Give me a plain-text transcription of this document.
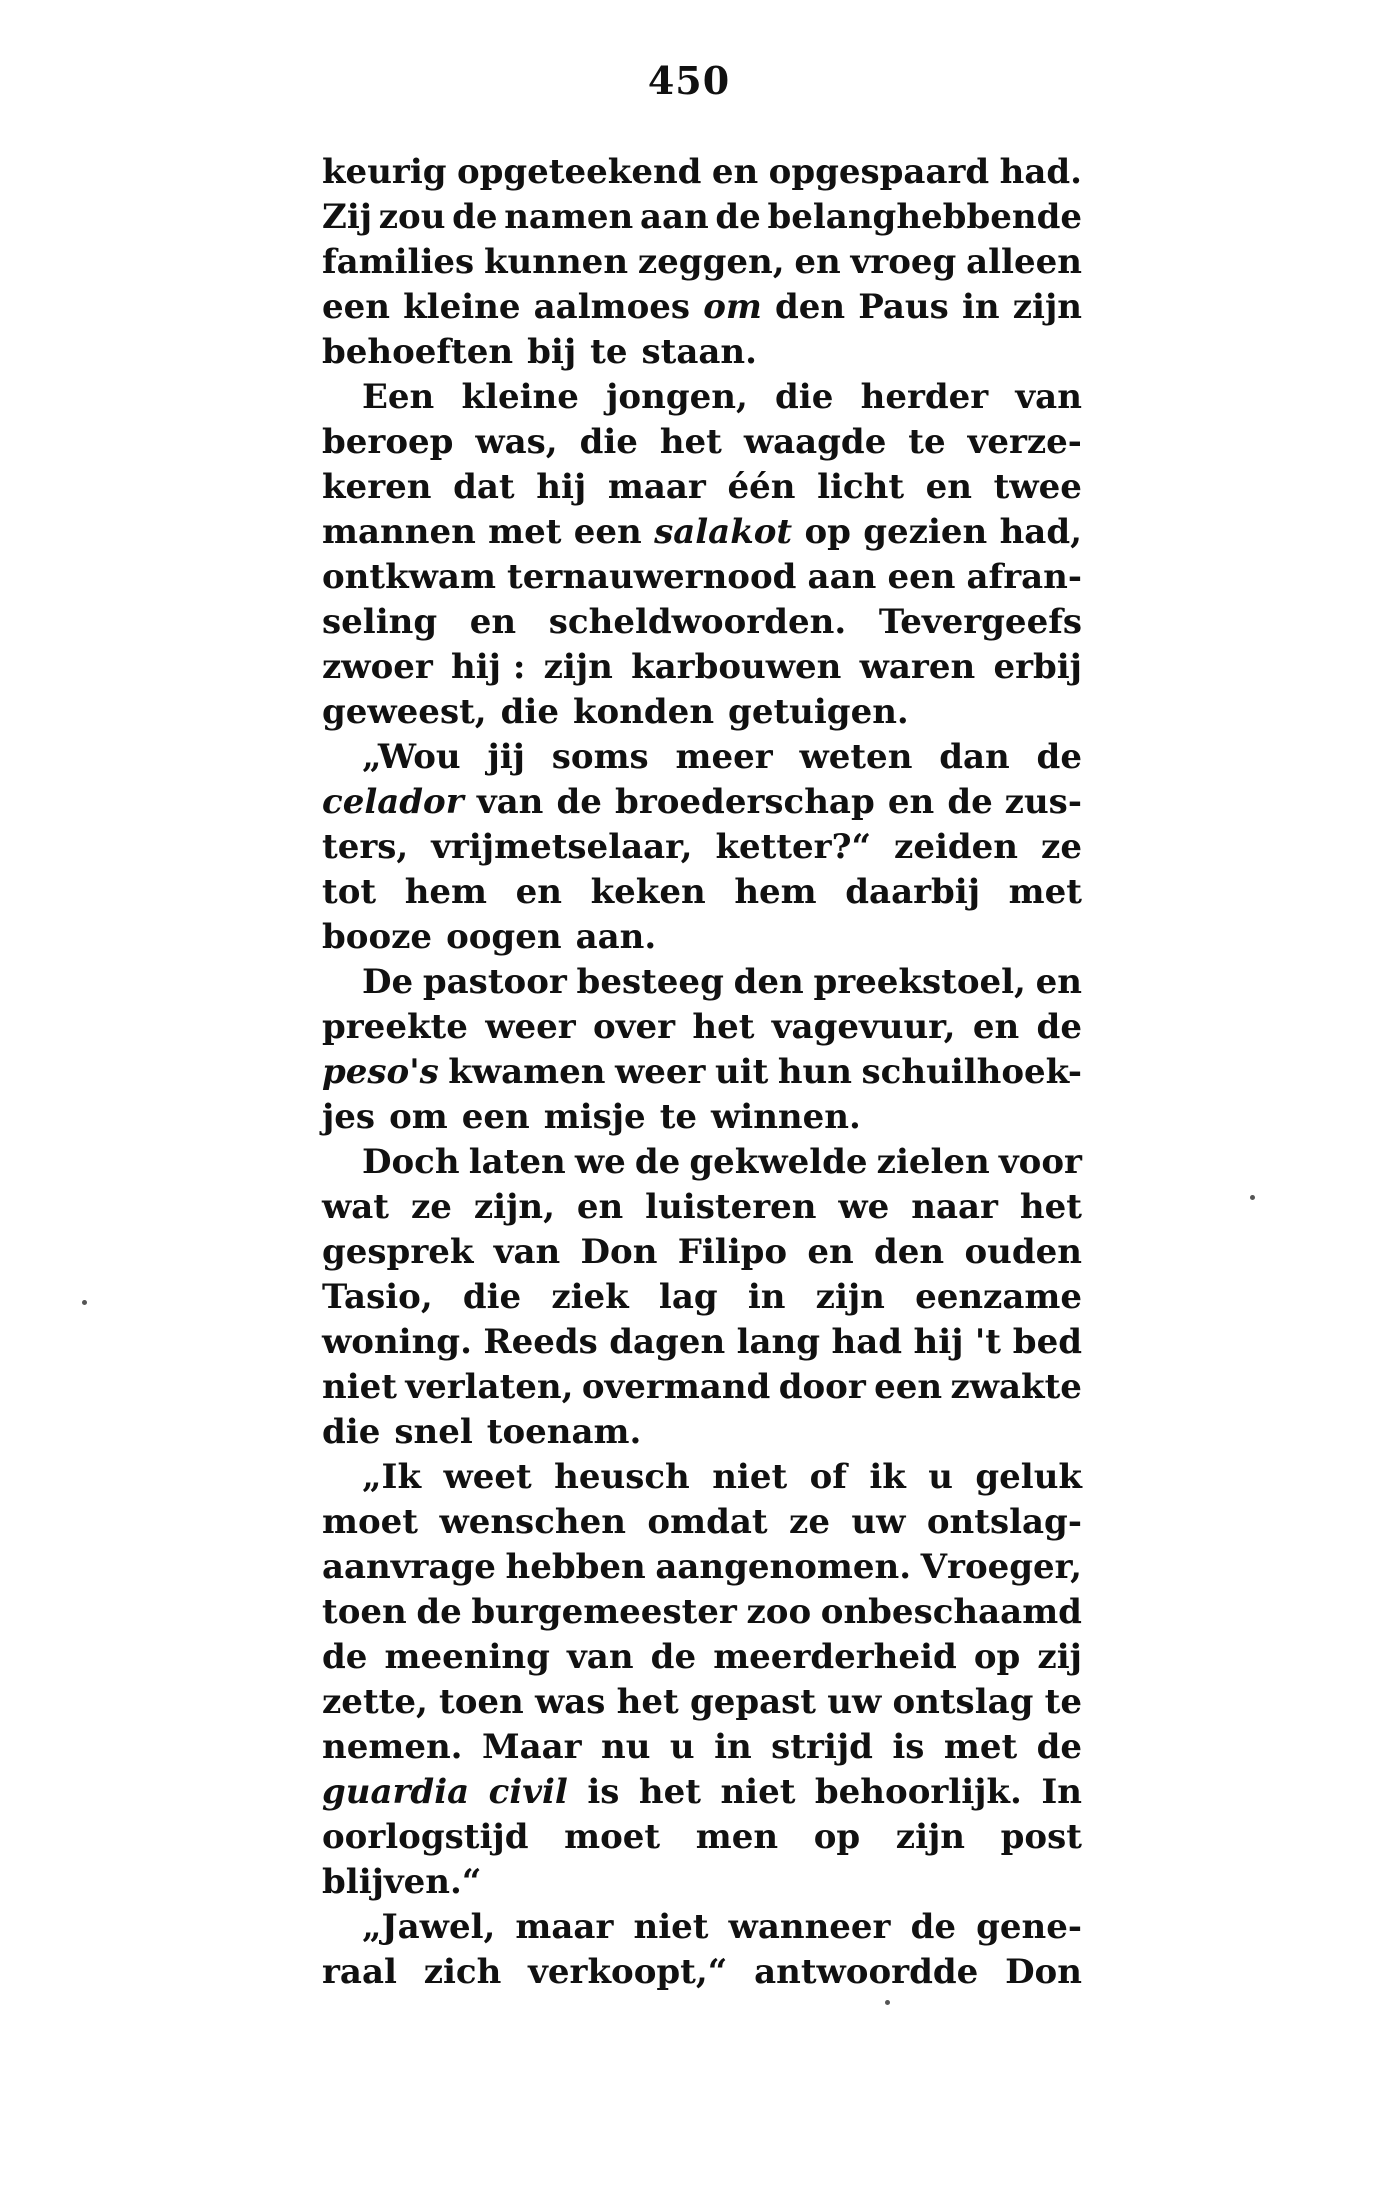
450
keurig opgeteekend en opgespaard had.
Zij zou de namen aan de belanghebbende
families kunnen zeggen, en vroeg alleen
een kleine aalmoes om den Paus in zijn
behoeften bij te staan.
Een kleine jongen, die herder van
beroep was, die het waagde te verze-
keren dat hij maar één licht en twee
mannen met een salakot op gezien had,
ontkwam ternauwernood aan een afran-
seling en scheldwoorden. Tevergeefs
zwoer hij : zijn karbouwen waren erbij
geweest, die konden getuigen.
„Wou jij soms meer weten dan de
celador van de broederschap en de zus-
ters, vrijmetselaar, ketter?“ zeiden ze
tot hem en keken hem daarbij met
booze oogen aan.
De pastoor besteeg den preekstoel, en
preekte weer over het vagevuur, en de
peso's kwamen weer uit hun schuilhoek-
jes om een misje te winnen.
Doch laten we de gekwelde zielen voor
wat ze zijn, en luisteren we naar het
gesprek van Don Filipo en den ouden
Tasio, die ziek lag in zijn eenzame
woning. Reeds dagen lang had hij 't bed
niet verlaten, overmand door een zwakte
die snel toenam.
„Ik weet heusch niet of ik u geluk
moet wenschen omdat ze uw ontslag-
aanvrage hebben aangenomen. Vroeger,
toen de burgemeester zoo onbeschaamd
de meening van de meerderheid op zij
zette, toen was het gepast uw ontslag te
nemen. Maar nu u in strijd is met de
guardia civil is het niet behoorlijk. In
oorlogstijd moet men op zijn post
blijven.“
„Jawel, maar niet wanneer de gene-
raal zich verkoopt,“ antwoordde Don
